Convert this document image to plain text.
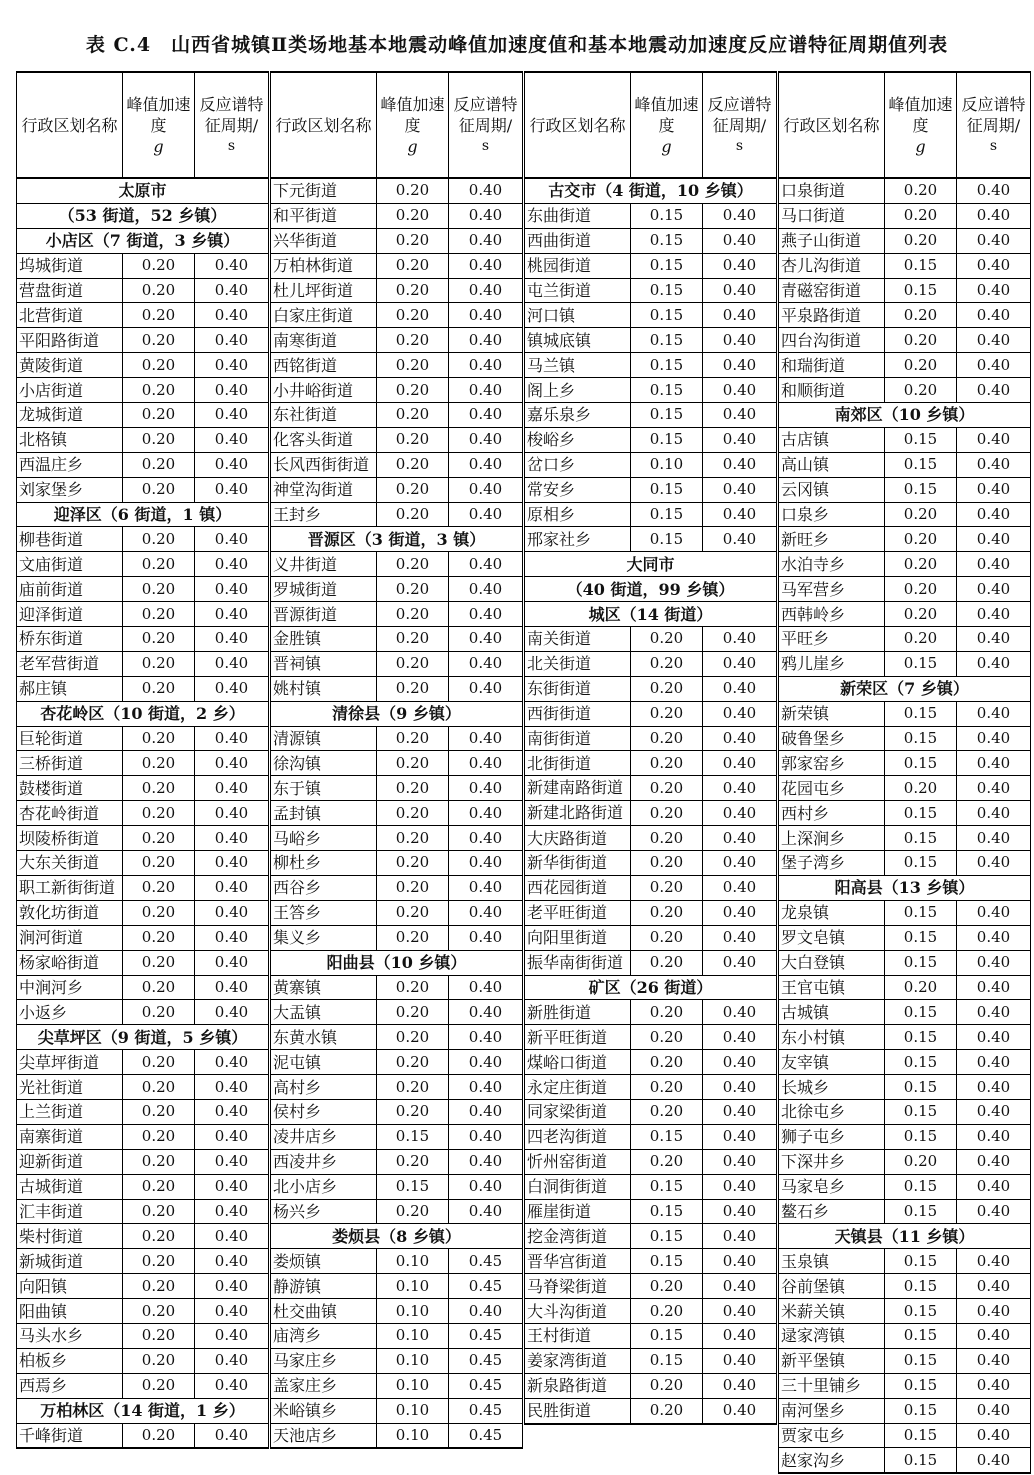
表 C.4　山西省城镇Ⅱ类场地基本地震动峰值加速度值和基本地震动加速度反应谱特征周期值列表
行政区划名称	峰值加速度
g	反应谱特征周期/
s

太原市		
（53 街道，52 乡镇）		
小店区（7 街道，3 乡镇）		
坞城街道	0.20	0.40
营盘街道	0.20	0.40
北营街道	0.20	0.40
平阳路街道	0.20	0.40
黄陵街道	0.20	0.40
小店街道	0.20	0.40
龙城街道	0.20	0.40
北格镇	0.20	0.40
西温庄乡	0.20	0.40
刘家堡乡	0.20	0.40
迎泽区（6 街道，1 镇）		
柳巷街道	0.20	0.40
文庙街道	0.20	0.40
庙前街道	0.20	0.40
迎泽街道	0.20	0.40
桥东街道	0.20	0.40
老军营街道	0.20	0.40
郝庄镇	0.20	0.40
杏花岭区（10 街道，2 乡）		
巨轮街道	0.20	0.40
三桥街道	0.20	0.40
鼓楼街道	0.20	0.40
杏花岭街道	0.20	0.40
坝陵桥街道	0.20	0.40
大东关街道	0.20	0.40
职工新街街道	0.20	0.40

敦化坊街道	0.20	0.40
涧河街道	0.20	0.40
杨家峪街道	0.20	0.40
中涧河乡	0.20	0.40
小返乡	0.20	0.40
尖草坪区（9 街道，5 乡镇）		
尖草坪街道	0.20	0.40
光社街道	0.20	0.40
上兰街道	0.20	0.40
南寨街道	0.20	0.40
迎新街道	0.20	0.40
古城街道	0.20	0.40
汇丰街道	0.20	0.40
柴村街道	0.20	0.40
新城街道	0.20	0.40
向阳镇	0.20	0.40
阳曲镇	0.20	0.40
马头水乡	0.20	0.40
柏板乡	0.20	0.40
西焉乡	0.20	0.40
万柏林区（14 街道，1 乡）		
千峰街道	0.20	0.40
行政区划名称	峰值加速度
g	反应谱特征周期/
s

下元街道	0.20	0.40
和平街道	0.20	0.40
兴华街道	0.20	0.40
万柏林街道	0.20	0.40
杜儿坪街道	0.20	0.40
白家庄街道	0.20	0.40
南寒街道	0.20	0.40
西铭街道	0.20	0.40
小井峪街道	0.20	0.40
东社街道	0.20	0.40
化客头街道	0.20	0.40
长风西街街道	0.20	0.40

神堂沟街道	0.20	0.40
王封乡	0.20	0.40
晋源区（3 街道，3 镇）		
义井街道	0.20	0.40
罗城街道	0.20	0.40
晋源街道	0.20	0.40
金胜镇	0.20	0.40
晋祠镇	0.20	0.40
姚村镇	0.20	0.40
清徐县（9 乡镇）		
清源镇	0.20	0.40
徐沟镇	0.20	0.40
东于镇	0.20	0.40
孟封镇	0.20	0.40
马峪乡	0.20	0.40
柳杜乡	0.20	0.40
西谷乡	0.20	0.40
王答乡	0.20	0.40
集义乡	0.20	0.40
阳曲县（10 乡镇）		
黄寨镇	0.20	0.40
大盂镇	0.20	0.40
东黄水镇	0.20	0.40
泥屯镇	0.20	0.40
高村乡	0.20	0.40
侯村乡	0.20	0.40
凌井店乡	0.15	0.40
西凌井乡	0.20	0.40
北小店乡	0.15	0.40
杨兴乡	0.20	0.40
娄烦县（8 乡镇）		
娄烦镇	0.10	0.45
静游镇	0.10	0.45
杜交曲镇	0.10	0.40
庙湾乡	0.10	0.45
马家庄乡	0.10	0.45
盖家庄乡	0.10	0.45
米峪镇乡	0.10	0.45
天池店乡	0.10	0.45
行政区划名称	峰值加速度
g	反应谱特征周期/
s

古交市（4 街道，10 乡镇）		
东曲街道	0.15	0.40
西曲街道	0.15	0.40
桃园街道	0.15	0.40
屯兰街道	0.15	0.40
河口镇	0.15	0.40
镇城底镇	0.15	0.40
马兰镇	0.15	0.40
阁上乡	0.15	0.40
嘉乐泉乡	0.15	0.40
梭峪乡	0.15	0.40
岔口乡	0.10	0.40
常安乡	0.15	0.40
原相乡	0.15	0.40
邢家社乡	0.15	0.40
大同市		
（40 街道，99 乡镇）		
城区（14 街道）		
南关街道	0.20	0.40
北关街道	0.20	0.40
东街街道	0.20	0.40
西街街道	0.20	0.40
南街街道	0.20	0.40
北街街道	0.20	0.40
新建南路街道	0.20	0.40

新建北路街道	0.20	0.40

大庆路街道	0.20	0.40
新华街街道	0.20	0.40
西花园街道	0.20	0.40
老平旺街道	0.20	0.40
向阳里街道	0.20	0.40
振华南街街道	0.20	0.40
矿区（26 街道）		
新胜街道	0.20	0.40
新平旺街道	0.20	0.40
煤峪口街道	0.20	0.40
永定庄街道	0.20	0.40
同家梁街道	0.20	0.40
四老沟街道	0.15	0.40
忻州窑街道	0.20	0.40
白洞街街道	0.15	0.40
雁崖街道	0.15	0.40
挖金湾街道	0.15	0.40
晋华宫街道	0.15	0.40
马脊梁街道	0.20	0.40
大斗沟街道	0.20	0.40
王村街道	0.15	0.40
姜家湾街道	0.15	0.40
新泉路街道	0.20	0.40
民胜街道	0.20	0.40
行政区划名称	峰值加速度
g	反应谱特征周期/
s

口泉街道	0.20	0.40
马口街道	0.20	0.40
燕子山街道	0.20	0.40
杏儿沟街道	0.15	0.40
青磁窑街道	0.15	0.40
平泉路街道	0.20	0.40
四台沟街道	0.20	0.40
和瑞街道	0.20	0.40
和顺街道	0.20	0.40
南郊区（10 乡镇）		
古店镇	0.15	0.40
高山镇	0.15	0.40
云冈镇	0.15	0.40
口泉乡	0.20	0.40
新旺乡	0.20	0.40
水泊寺乡	0.20	0.40
马军营乡	0.20	0.40
西韩岭乡	0.20	0.40
平旺乡	0.20	0.40
鸦儿崖乡	0.15	0.40
新荣区（7 乡镇）		
新荣镇	0.15	0.40
破鲁堡乡	0.15	0.40
郭家窑乡	0.15	0.40
花园屯乡	0.20	0.40
西村乡	0.15	0.40
上深涧乡	0.15	0.40
堡子湾乡	0.15	0.40
阳高县（13 乡镇）		
龙泉镇	0.15	0.40
罗文皂镇	0.15	0.40
大白登镇	0.15	0.40
王官屯镇	0.20	0.40
古城镇	0.15	0.40
东小村镇	0.15	0.40
友宰镇	0.15	0.40
长城乡	0.15	0.40
北徐屯乡	0.15	0.40
狮子屯乡	0.15	0.40
下深井乡	0.20	0.40
马家皂乡	0.15	0.40
鳌石乡	0.15	0.40
天镇县（11 乡镇）		
玉泉镇	0.15	0.40
谷前堡镇	0.15	0.40
米薪关镇	0.15	0.40
逯家湾镇	0.15	0.40
新平堡镇	0.15	0.40
三十里铺乡	0.15	0.40
南河堡乡	0.15	0.40
贾家屯乡	0.15	0.40
赵家沟乡	0.15	0.40
